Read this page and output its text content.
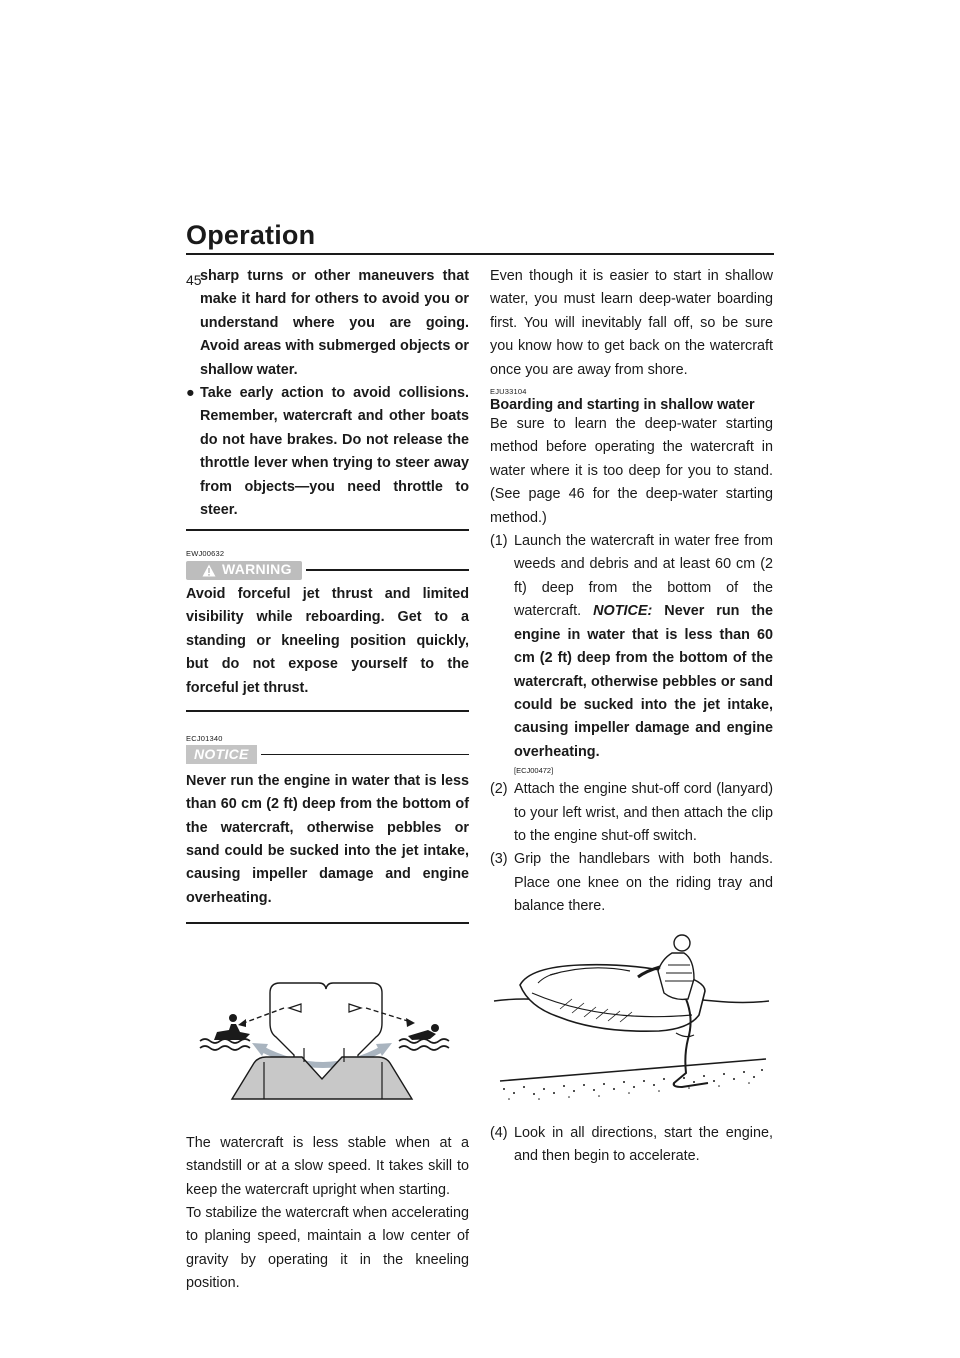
Operation
45

sharp turns or other maneuvers that make it hard for others to avoid you or understand where you are going. Avoid areas with submerged objects or shallow water.

● Take early action to avoid collisions. Remember, watercraft and other boats do not have brakes. Do not release the throttle lever when trying to steer away from objects—you need throttle to steer.

EWJ00632
WARNING

Avoid forceful jet thrust and limited visibility while reboarding. Get to a standing or kneeling position quickly, but do not expose yourself to the forceful jet thrust.

ECJ01340
NOTICE

Never run the engine in water that is less than 60 cm (2 ft) deep from the bottom of the watercraft, otherwise pebbles or sand could be sucked into the jet intake, causing impeller damage and engine overheating.

The watercraft is less stable when at a standstill or at a slow speed. It takes skill to keep the watercraft upright when starting.

To stabilize the watercraft when accelerating to planing speed, maintain a low center of gravity by operating it in the kneeling position.

Even though it is easier to start in shallow water, you must learn deep-water boarding first. You will inevitably fall off, so be sure you know how to get back on the watercraft once you are away from shore.

EJU33104
Boarding and starting in shallow water

Be sure to learn the deep-water starting method before operating the watercraft in water where it is too deep for you to stand. (See page 46 for the deep-water starting method.)

(1) Launch the watercraft in water free from weeds and debris and at least 60 cm (2 ft) deep from the bottom of the watercraft. NOTICE: Never run the engine in water that is less than 60 cm (2 ft) deep from the bottom of the watercraft, otherwise pebbles or sand could be sucked into the jet intake, causing impeller damage and engine overheating.
[ECJ00472]
(2) Attach the engine shut-off cord (lanyard) to your left wrist, and then attach the clip to the engine shut-off switch.
(3) Grip the handlebars with both hands. Place one knee on the riding tray and balance there.
(4) Look in all directions, start the engine, and then begin to accelerate.
